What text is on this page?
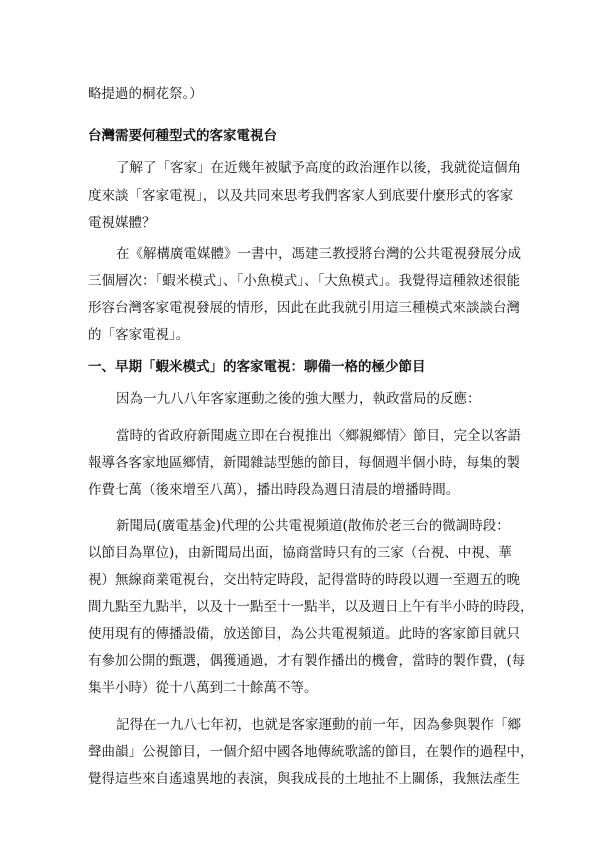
略提過的桐花祭。）
台灣需要何種型式的客家電視台
了解了「客家」在近幾年被賦予高度的政治運作以後，我就從這個角
度來談「客家電視」，以及共同來思考我們客家人到底要什麼形式的客家
電視媒體？
在《解構廣電媒體》一書中，馮建三教授將台灣的公共電視發展分成
三個層次：「蝦米模式」、「小魚模式」、「大魚模式」。我覺得這種敘述很能
形容台灣客家電視發展的情形，因此在此我就引用這三種模式來談談台灣
的「客家電視」。
一、早期「蝦米模式」的客家電視：聊備一格的極少節目
因為一九八八年客家運動之後的強大壓力，執政當局的反應：
當時的省政府新聞處立即在台視推出〈鄉親鄉情〉節目，完全以客語
報導各客家地區鄉情，新聞雜誌型態的節目，每個週半個小時，每集的製
作費七萬（後來增至八萬），播出時段為週日清晨的增播時間。
新聞局(廣電基金)代理的公共電視頻道(散佈於老三台的微調時段：
以節目為單位)，由新聞局出面，協商當時只有的三家（台視、中視、華
視）無線商業電視台，交出特定時段，記得當時的時段以週一至週五的晚
間九點至九點半，以及十一點至十一點半，以及週日上午有半小時的時段，
使用現有的傳播設備，放送節目，為公共電視頻道。此時的客家節目就只
有參加公開的甄選，偶獲通過，才有製作播出的機會，當時的製作費，(每
集半小時）從十八萬到二十餘萬不等。
記得在一九八七年初，也就是客家運動的前一年，因為參與製作「鄉
聲曲韻」公視節目，一個介紹中國各地傳統歌謠的節目，在製作的過程中，
覺得這些來自遙遠異地的表演，與我成長的土地扯不上關係，我無法產生
